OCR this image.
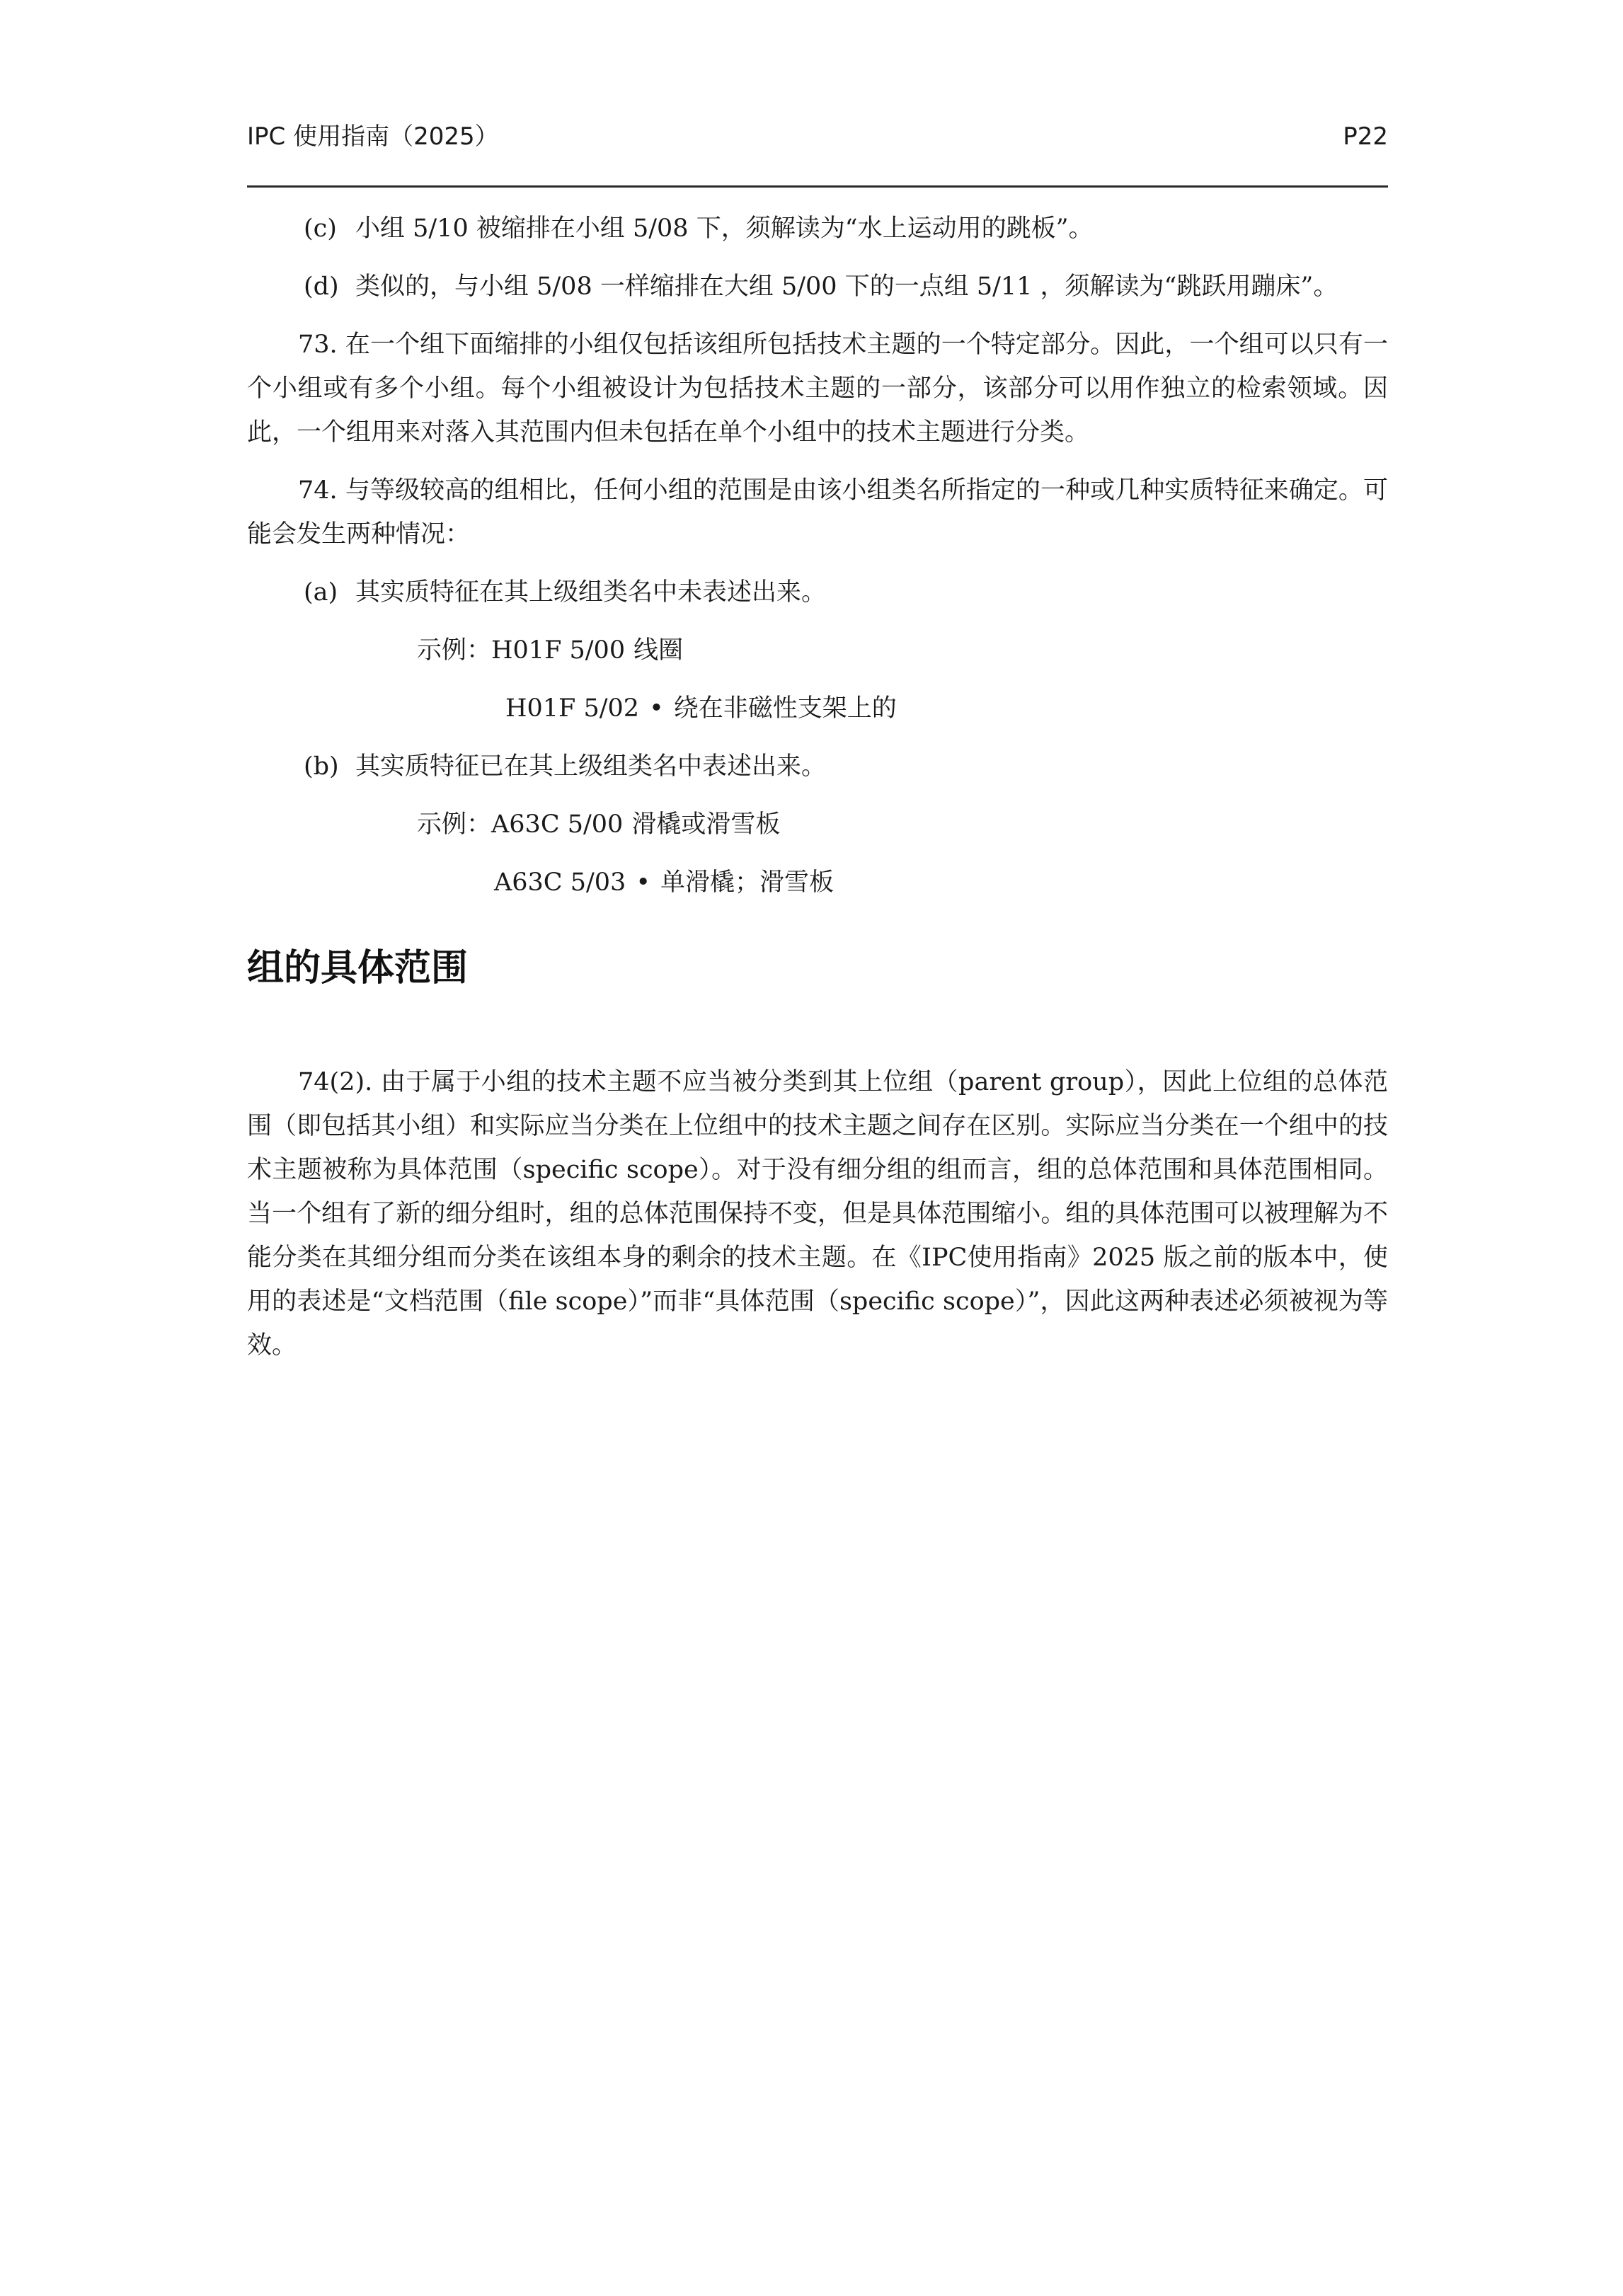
IPC 使用指南（2025）	P22
(c) 小组 5/10 被缩排在小组 5/08 下，须解读为“水上运动用的跳板”。
(d) 类似的，与小组 5/08 一样缩排在大组 5/00 下的一点组 5/11 ，须解读为“跳跃用蹦床”。

73. 在一个组下面缩排的小组仅包括该组所包括技术主题的一个特定部分。因此，一个组可以只有一个小组或有多个小组。每个小组被设计为包括技术主题的一部分，该部分可以用作独立的检索领域。因此，一个组用来对落入其范围内但未包括在单个小组中的技术主题进行分类。

74. 与等级较高的组相比，任何小组的范围是由该小组类名所指定的一种或几种实质特征来确定。可能会发生两种情况：

(a) 其实质特征在其上级组类名中未表述出来。
示例：H01F 5/00 线圈
H01F 5/02 • 绕在非磁性支架上的
(b) 其实质特征已在其上级组类名中表述出来。
示例：A63C 5/00 滑橇或滑雪板
A63C 5/03 • 单滑橇；滑雪板
组的具体范围

74(2). 由于属于小组的技术主题不应当被分类到其上位组（parent group），因此上位组的总体范围（即包括其小组）和实际应当分类在上位组中的技术主题之间存在区别。实际应当分类在一个组中的技术主题被称为具体范围（specific scope）。对于没有细分组的组而言，组的总体范围和具体范围相同。当一个组有了新的细分组时，组的总体范围保持不变，但是具体范围缩小。组的具体范围可以被理解为不能分类在其细分组而分类在该组本身的剩余的技术主题。在《IPC使用指南》2025 版之前的版本中，使用的表述是“文档范围（file scope）”而非“具体范围（specific scope）”，因此这两种表述必须被视为等效。
